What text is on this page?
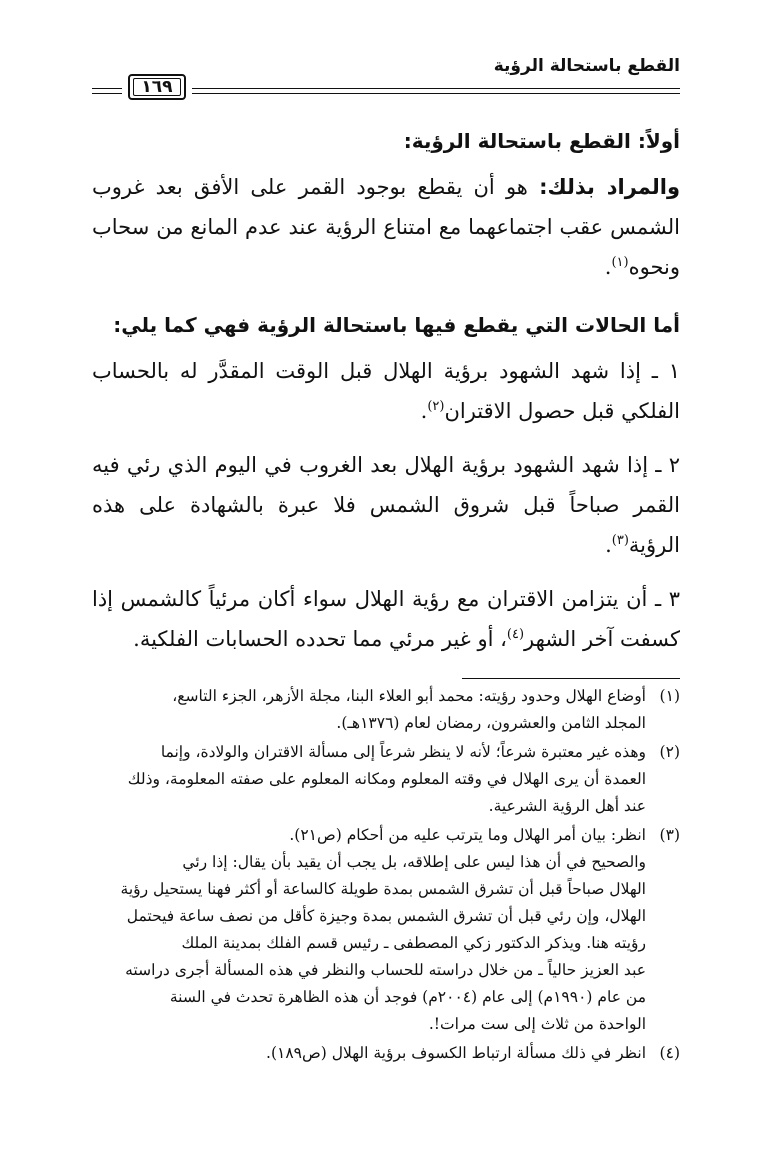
القطع باستحالة الرؤية
١٦٩
أولاً: القطع باستحالة الرؤية:

والمراد بذلك: هو أن يقطع بوجود القمر على الأفق بعد غروب الشمس عقب اجتماعهما مع امتناع الرؤية عند عدم المانع من سحاب ونحوه$^{(١)}$.

أما الحالات التي يقطع فيها باستحالة الرؤية فهي كما يلي:

١ ـ إذا شهد الشهود برؤية الهلال قبل الوقت المقدَّر له بالحساب الفلكي قبل حصول الاقتران$^{(٢)}$.

٢ ـ إذا شهد الشهود برؤية الهلال بعد الغروب في اليوم الذي رئي فيه القمر صباحاً قبل شروق الشمس فلا عبرة بالشهادة على هذه الرؤية$^{(٣)}$.

٣ ـ أن يتزامن الاقتران مع رؤية الهلال سواء أكان مرئياً كالشمس إذا كسفت آخر الشهر$^{(٤)}$، أو غير مرئي مما تحدده الحسابات الفلكية.

(١)
أوضاع الهلال وحدود رؤيته: محمد أبو العلاء البنا، مجلة الأزهر، الجزء التاسع،
المجلد الثامن والعشرون، رمضان لعام (١٣٧٦هـ).
(٢)
وهذه غير معتبرة شرعاً؛ لأنه لا ينظر شرعاً إلى مسألة الاقتران والولادة، وإنما
العمدة أن يرى الهلال في وقته المعلوم ومكانه المعلوم على صفته المعلومة، وذلك
عند أهل الرؤية الشرعية.
(٣)
انظر: بيان أمر الهلال وما يترتب عليه من أحكام (ص٢١).
والصحيح في أن هذا ليس على إطلاقه، بل يجب أن يقيد بأن يقال: إذا رئي
الهلال صباحاً قبل أن تشرق الشمس بمدة طويلة كالساعة أو أكثر فهنا يستحيل رؤية
الهلال، وإن رئي قبل أن تشرق الشمس بمدة وجيزة كأقل من نصف ساعة فيحتمل
رؤيته هنا. ويذكر الدكتور زكي المصطفى ـ رئيس قسم الفلك بمدينة الملك
عبد العزيز حالياً ـ من خلال دراسته للحساب والنظر في هذه المسألة أجرى دراسته
من عام (١٩٩٠م) إلى عام (٢٠٠٤م) فوجد أن هذه الظاهرة تحدث في السنة
الواحدة من ثلاث إلى ست مرات!.
(٤)
انظر في ذلك مسألة ارتباط الكسوف برؤية الهلال (ص١٨٩).
